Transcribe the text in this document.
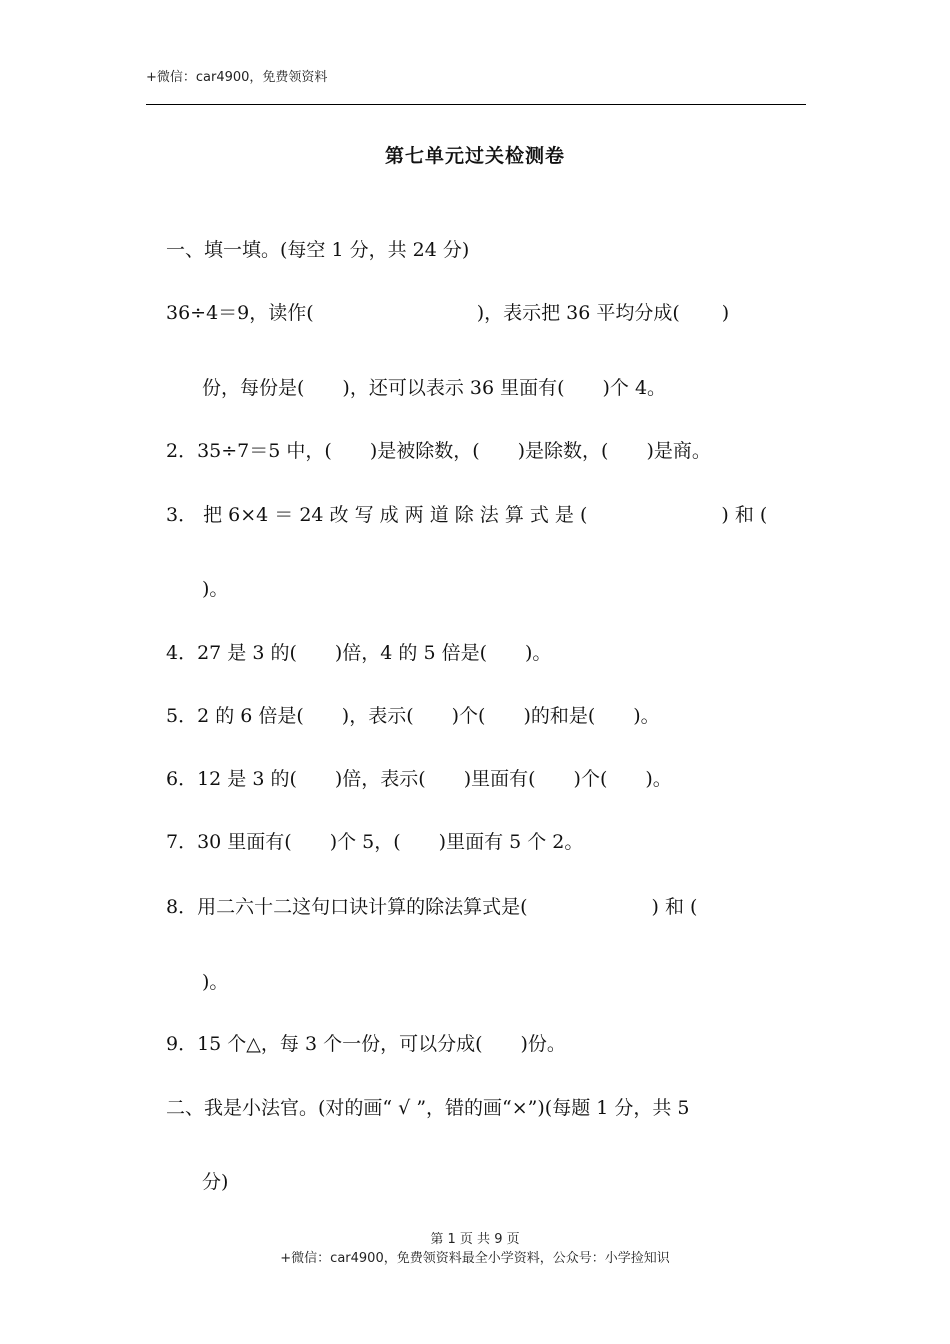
+微信：car4900，免费领资料
第七单元过关检测卷
一、填一填。(每空 1 分，共 24 分)
36÷4＝9，读作(	)，表示把 36 平均分成( )
份，每份是(　　)，还可以表示 36 里面有(　　)个 4。
2．35÷7＝5 中，(　　)是被除数，(　　)是除数，(　　)是商。
3． 把 6×4 ＝ 24 改 写 成 两 道 除 法 算 式 是 (	) 和 (
)。
4．27 是 3 的(　　)倍，4 的 5 倍是(　　)。
5．2 的 6 倍是(　　)，表示(　　)个(　　)的和是(　　)。
6．12 是 3 的(　　)倍，表示(　　)里面有(　　)个(　　)。
7．30 里面有(　　)个 5，(　　)里面有 5 个 2。
8．用二六十二这句口诀计算的除法算式是(	) 和 (
)。
9．15 个△，每 3 个一份，可以分成(　　)份。
二、我是小法官。(对的画“ √ ”，错的画“×”)(每题 1 分，共 5
分)
第 1 页 共 9 页
+微信：car4900，免费领资料最全小学资料，公众号：小学捡知识
